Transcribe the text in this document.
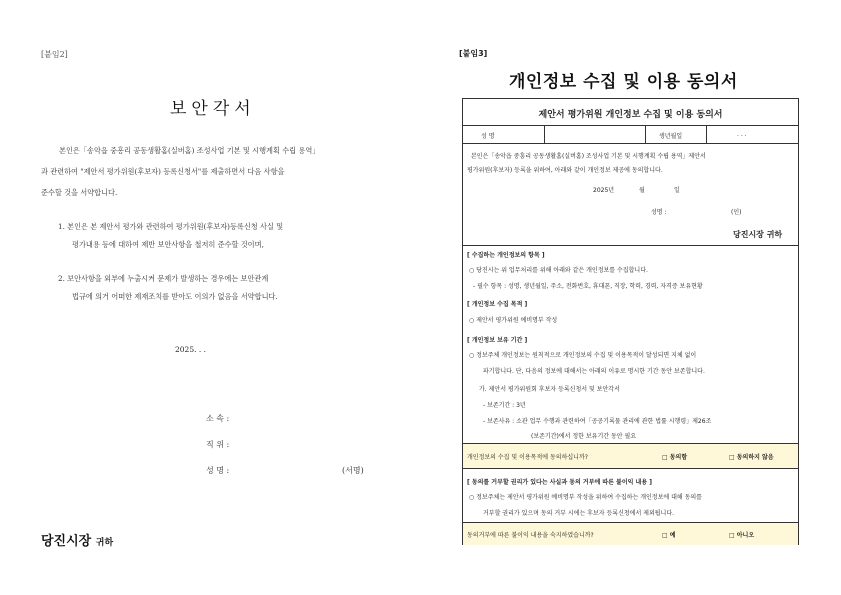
[붙임2]
보안각서
본인은「송악읍 중흥리 공동생활홈(실버홈) 조성사업 기본 및 시행계획 수립 용역」
과 관련하여 "제안서 평가위원(후보자) 등록신청서"를 제출하면서 다음 사항을
준수할 것을 서약합니다.
1. 본인은 본 제안서 평가와 관련하여 평가위원(후보자)등록신청 사실 및
평가내용 등에 대하여 제반 보안사항을 철저히 준수할 것이며,
2. 보안사항을 외부에 누출시켜 문제가 발생하는 경우에는 보안관계
법규에 의거 어떠한 제재조치를 받아도 이의가 없음을 서약합니다.
2025. . .
소 속 :
직 위 :
성 명 :	(서명)
당진시장 귀하
[붙임3]
개인정보 수집 및 이용 동의서
제안서 평가위원 개인정보 수집 및 이용 동의서
성 명	생년월일	. . .
본인은「송악읍 중흥리 공동생활홈(실버홈) 조성사업 기본 및 시행계획 수립 용역」제안서
평가위원(후보자) 등록을 위하여, 아래와 같이 개인정보 제공에 동의합니다.
2025년	월	일
성명 :	(인)
당진시장 귀하
[ 수집하는 개인정보의 항목 ]
○ 당진시는 위 업무처리를 위해 아래와 같은 개인정보를 수집합니다.
- 필수 항목 : 성명, 생년월일, 주소, 전화번호, 휴대폰, 직장, 학력, 경력, 자격증 보유현황
[ 개인정보 수집 목적 ]
○ 제안서 평가위원 예비명부 작성
[ 개인정보 보유 기간 ]
○ 정보주체 개인정보는 원칙적으로 개인정보의 수집 및 이용목적이 달성되면 지체 없이
파기합니다. 단, 다음의 정보에 대해서는 아래의 이유로 명시한 기간 동안 보존합니다.
가. 제안서 평가위원회 후보자 등록신청서 및 보안각서
- 보존기간 : 3년
- 보존사유 : 소관 업무 수행과 관련하여「공공기록물 관리에 관한 법률 시행령」제26조
(보존기간)에서 정한 보유기간 동안 필요
개인정보의 수집 및 이용목적에 동의하십니까?	□ 동의함	□ 동의하지 않음
[ 동의를 거부할 권리가 있다는 사실과 동의 거부에 따른 불이익 내용 ]
○ 정보주체는 제안서 평가위원 예비명부 작성을 위하여 수집하는 개인정보에 대해 동의를
거부할 권리가 있으며 동의 거부 시에는 후보자 등록신청에서 제외됩니다.
동의거부에 따른 불이익 내용을 숙지하였습니까?	□ 예	□ 아니오
